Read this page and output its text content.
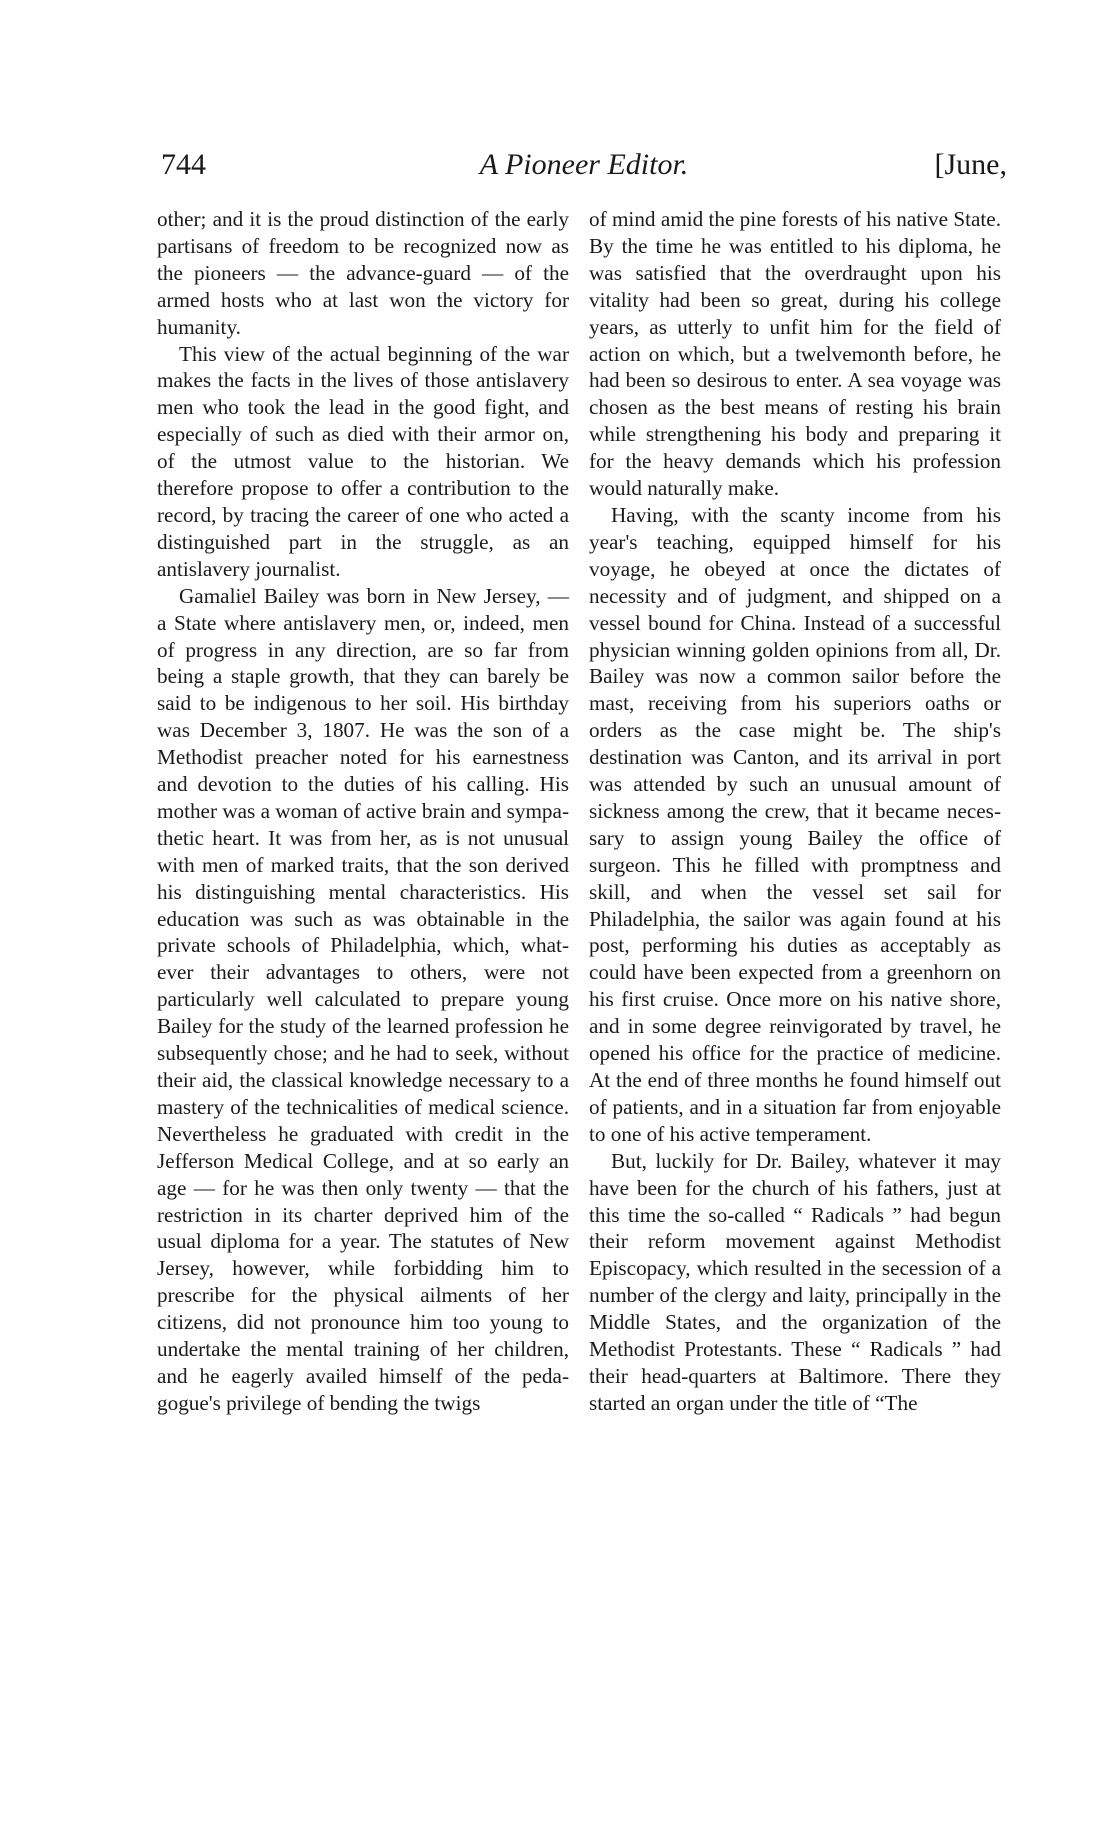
744	A Pioneer Editor.	[June,

other; and it is the proud distinction of the early partisans of freedom to be recognized now as the pioneers — the advance-guard — of the armed hosts who at last won the victory for humanity.

This view of the actual beginning of the war makes the facts in the lives of those antislavery men who took the lead in the good fight, and especially of such as died with their armor on, of the utmost value to the historian. We therefore propose to offer a contribution to the record, by tracing the career of one who acted a distinguished part in the struggle, as an antislavery journalist.

Gamaliel Bailey was born in New Jersey, — a State where antislavery men, or, indeed, men of progress in any direction, are so far from being a staple growth, that they can barely be said to be indigenous to her soil. His birthday was December 3, 1807. He was the son of a Methodist preacher noted for his earnestness and devotion to the duties of his calling. His mother was a woman of active brain and sympathetic heart. It was from her, as is not unusual with men of marked traits, that the son derived his distinguishing mental characteristics. His education was such as was obtainable in the private schools of Philadelphia, which, whatever their advantages to others, were not particularly well calculated to prepare young Bailey for the study of the learned profession he subsequently chose; and he had to seek, without their aid, the classical knowledge necessary to a mastery of the technicalities of medical science. Nevertheless he graduated with credit in the Jefferson Medical College, and at so early an age — for he was then only twenty — that the restriction in its charter deprived him of the usual diploma for a year. The statutes of New Jersey, however, while forbidding him to prescribe for the physical ailments of her citizens, did not pronounce him too young to undertake the mental training of her children, and he eagerly availed himself of the pedagogue's privilege of bending the twigs

of mind amid the pine forests of his native State. By the time he was entitled to his diploma, he was satisfied that the overdraught upon his vitality had been so great, during his college years, as utterly to unfit him for the field of action on which, but a twelvemonth before, he had been so desirous to enter. A sea voyage was chosen as the best means of resting his brain while strengthening his body and preparing it for the heavy demands which his profession would naturally make.

Having, with the scanty income from his year's teaching, equipped himself for his voyage, he obeyed at once the dictates of necessity and of judgment, and shipped on a vessel bound for China. Instead of a successful physician winning golden opinions from all, Dr. Bailey was now a common sailor before the mast, receiving from his superiors oaths or orders as the case might be. The ship's destination was Canton, and its arrival in port was attended by such an unusual amount of sickness among the crew, that it became necessary to assign young Bailey the office of surgeon. This he filled with promptness and skill, and when the vessel set sail for Philadelphia, the sailor was again found at his post, performing his duties as acceptably as could have been expected from a greenhorn on his first cruise. Once more on his native shore, and in some degree reinvigorated by travel, he opened his office for the practice of medicine. At the end of three months he found himself out of patients, and in a situation far from enjoyable to one of his active temperament.

But, luckily for Dr. Bailey, whatever it may have been for the church of his fathers, just at this time the so-called “ Radicals ” had begun their reform movement against Methodist Episcopacy, which resulted in the secession of a number of the clergy and laity, principally in the Middle States, and the organization of the Methodist Protestants. These “ Radicals ” had their head-quarters at Baltimore. There they started an organ under the title of “The
